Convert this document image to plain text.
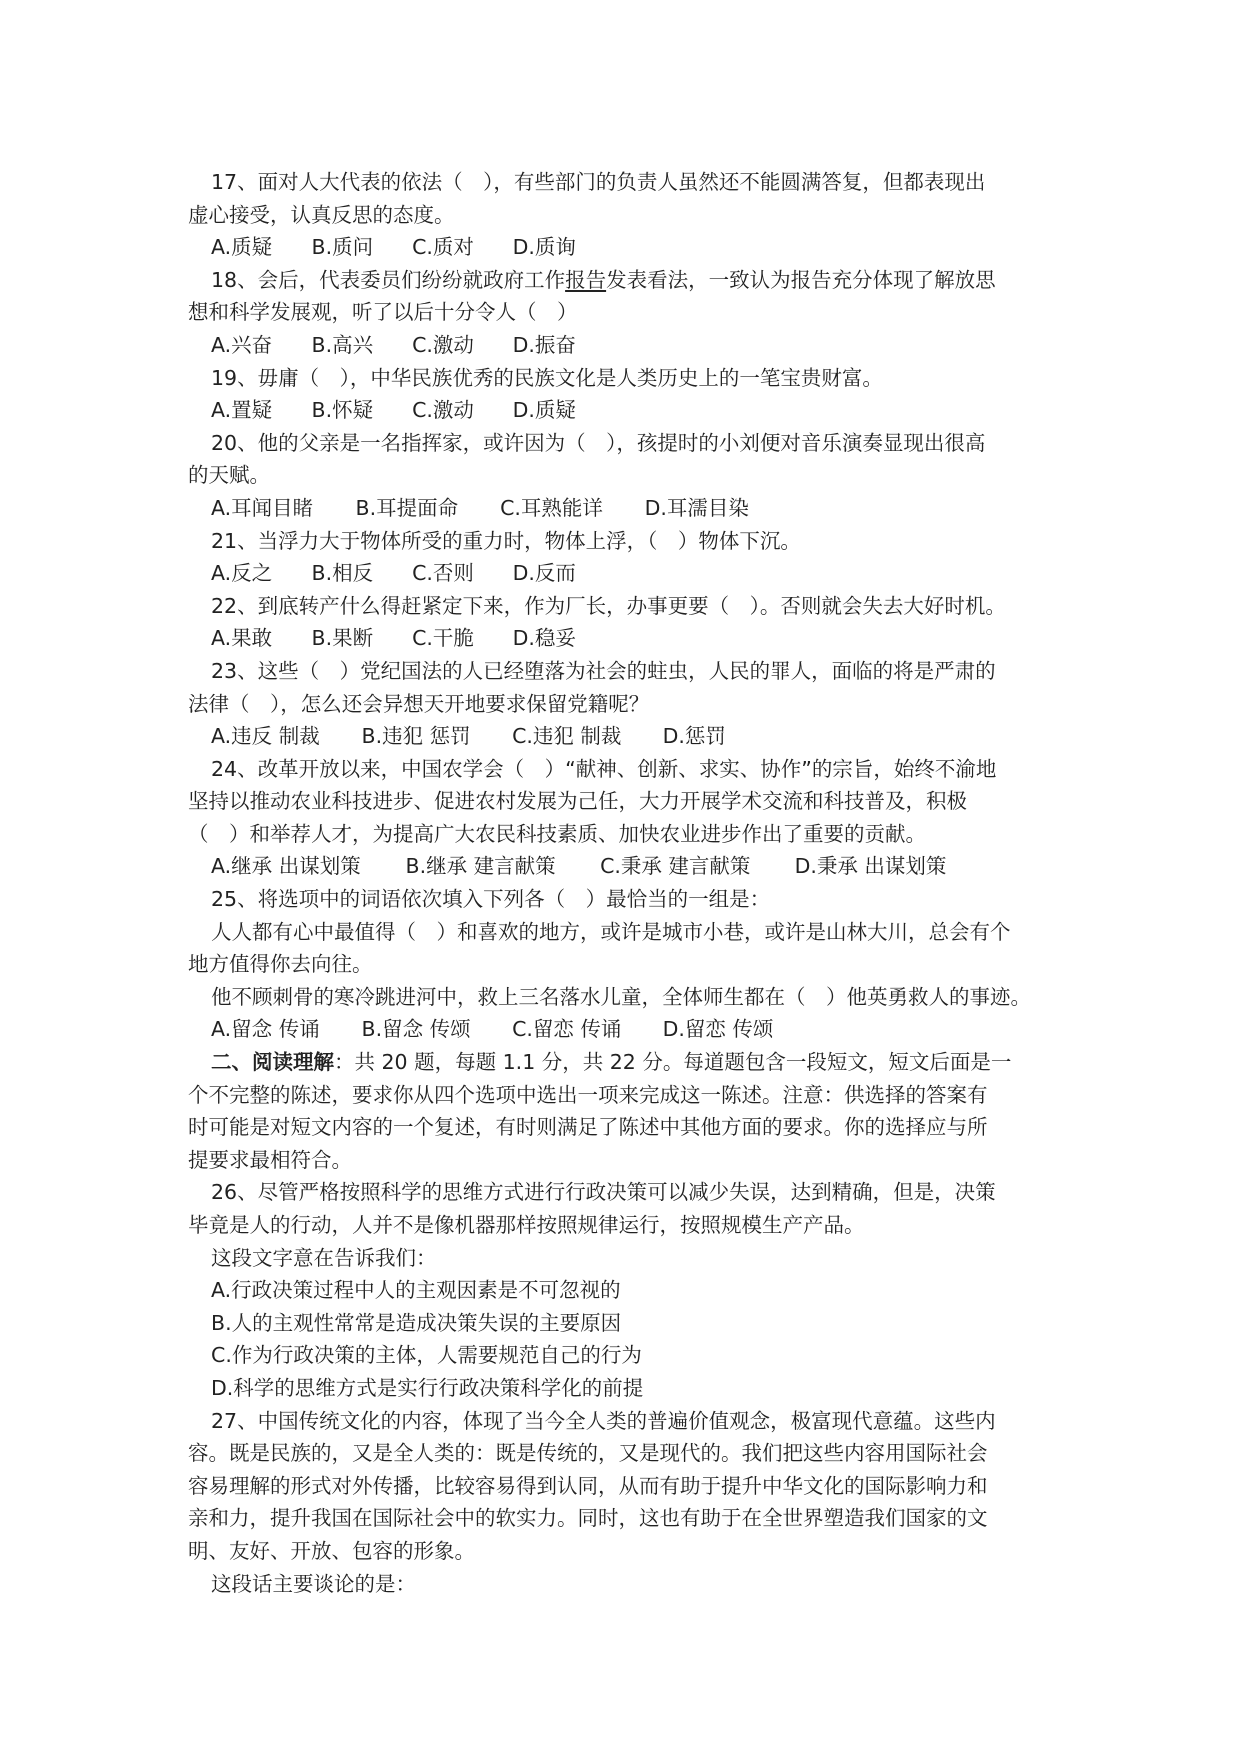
17、面对人大代表的依法（　），有些部门的负责人虽然还不能圆满答复，但都表现出
虚心接受，认真反思的态度。
A.质疑 B.质问 C.质对 D.质询
18、会后，代表委员们纷纷就政府工作报告发表看法，一致认为报告充分体现了解放思
想和科学发展观，听了以后十分令人（　）
A.兴奋 B.高兴 C.激动 D.振奋
19、毋庸（　），中华民族优秀的民族文化是人类历史上的一笔宝贵财富。
A.置疑 B.怀疑 C.激动 D.质疑
20、他的父亲是一名指挥家，或许因为（　），孩提时的小刘便对音乐演奏显现出很高
的天赋。
A.耳闻目睹 B.耳提面命 C.耳熟能详 D.耳濡目染
21、当浮力大于物体所受的重力时，物体上浮，（　）物体下沉。
A.反之 B.相反 C.否则 D.反而
22、到底转产什么得赶紧定下来，作为厂长，办事更要（　）。否则就会失去大好时机。
A.果敢 B.果断 C.干脆 D.稳妥
23、这些（　）党纪国法的人已经堕落为社会的蛀虫，人民的罪人，面临的将是严肃的
法律（　），怎么还会异想天开地要求保留党籍呢？
A.违反 制裁 B.违犯 惩罚 C.违犯 制裁 D.惩罚
24、改革开放以来，中国农学会（　）“献神、创新、求实、协作”的宗旨，始终不渝地
坚持以推动农业科技进步、促进农村发展为己任，大力开展学术交流和科技普及，积极
（　）和举荐人才，为提高广大农民科技素质、加快农业进步作出了重要的贡献。
A.继承 出谋划策 B.继承 建言献策 C.秉承 建言献策 D.秉承 出谋划策
25、将选项中的词语依次填入下列各（　）最恰当的一组是：
人人都有心中最值得（　）和喜欢的地方，或许是城市小巷，或许是山林大川，总会有个
地方值得你去向往。
他不顾刺骨的寒冷跳进河中，救上三名落水儿童，全体师生都在（　）他英勇救人的事迹。
A.留念 传诵 B.留念 传颂 C.留恋 传诵 D.留恋 传颂
二、阅读理解：共 20 题，每题 1.1 分，共 22 分。每道题包含一段短文，短文后面是一
个不完整的陈述，要求你从四个选项中选出一项来完成这一陈述。注意：供选择的答案有
时可能是对短文内容的一个复述，有时则满足了陈述中其他方面的要求。你的选择应与所
提要求最相符合。
26、尽管严格按照科学的思维方式进行行政决策可以减少失误，达到精确，但是，决策
毕竟是人的行动，人并不是像机器那样按照规律运行，按照规模生产产品。
这段文字意在告诉我们：
A.行政决策过程中人的主观因素是不可忽视的
B.人的主观性常常是造成决策失误的主要原因
C.作为行政决策的主体，人需要规范自己的行为
D.科学的思维方式是实行行政决策科学化的前提
27、中国传统文化的内容，体现了当今全人类的普遍价值观念，极富现代意蕴。这些内
容。既是民族的，又是全人类的：既是传统的，又是现代的。我们把这些内容用国际社会
容易理解的形式对外传播，比较容易得到认同，从而有助于提升中华文化的国际影响力和
亲和力，提升我国在国际社会中的软实力。同时，这也有助于在全世界塑造我们国家的文
明、友好、开放、包容的形象。
这段话主要谈论的是：
